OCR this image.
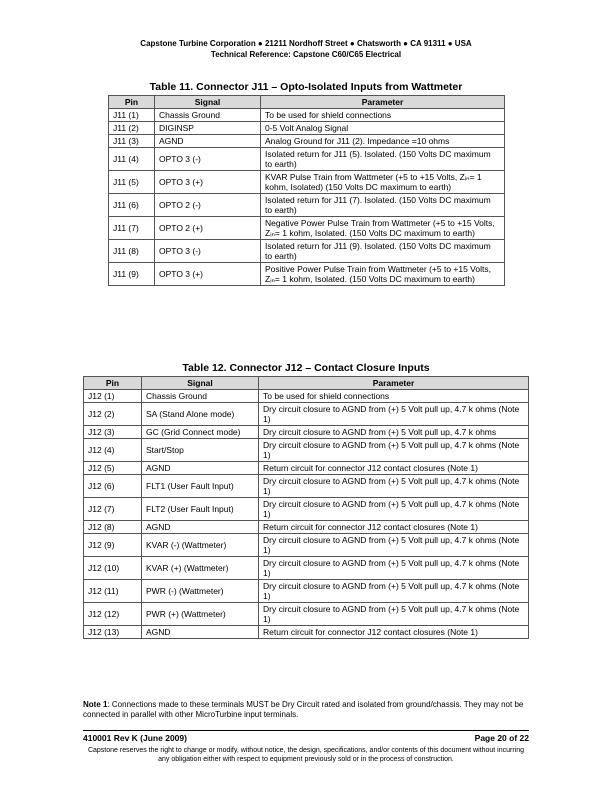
Capstone Turbine Corporation ● 21211 Nordhoff Street ● Chatsworth ● CA 91311 ● USA
Technical Reference: Capstone C60/C65 Electrical
Table 11. Connector J11 – Opto-Isolated Inputs from Wattmeter
Pin	Signal	Parameter
J11 (1)	Chassis Ground	To be used for shield connections
J11 (2)	DIGINSP	0-5 Volt Analog Signal
J11 (3)	AGND	Analog Ground for J11 (2). Impedance =10 ohms
J11 (4)	OPTO 3 (-)	Isolated return for J11 (5). Isolated. (150 Volts DC maximum to earth)
J11 (5)	OPTO 3 (+)	KVAR Pulse Train from Wattmeter (+5 to +15 Volts, Zᵢₙ= 1 kohm, Isolated) (150 Volts DC maximum to earth)
J11 (6)	OPTO 2 (-)	Isolated return for J11 (7). Isolated. (150 Volts DC maximum to earth)
J11 (7)	OPTO 2 (+)	Negative Power Pulse Train from Wattmeter (+5 to +15 Volts, Zᵢₙ= 1 kohm, Isolated. (150 Volts DC maximum to earth)
J11 (8)	OPTO 3 (-)	Isolated return for J11 (9). Isolated. (150 Volts DC maximum to earth)
J11 (9)	OPTO 3 (+)	Positive Power Pulse Train from Wattmeter (+5 to +15 Volts, Zᵢₙ= 1 kohm, Isolated. (150 Volts DC maximum to earth)
Table 12. Connector J12 – Contact Closure Inputs
Pin	Signal	Parameter
J12 (1)	Chassis Ground	To be used for shield connections
J12 (2)	SA (Stand Alone mode)	Dry circuit closure to AGND from (+) 5 Volt pull up, 4.7 k ohms (Note 1)
J12 (3)	GC (Grid Connect mode)	Dry circuit closure to AGND from (+) 5 Volt pull up, 4.7 k ohms
J12 (4)	Start/Stop	Dry circuit closure to AGND from (+) 5 Volt pull up, 4.7 k ohms (Note 1)
J12 (5)	AGND	Return circuit for connector J12 contact closures (Note 1)
J12 (6)	FLT1 (User Fault Input)	Dry circuit closure to AGND from (+) 5 Volt pull up, 4.7 k ohms (Note 1)
J12 (7)	FLT2 (User Fault Input)	Dry circuit closure to AGND from (+) 5 Volt pull up, 4.7 k ohms (Note 1)
J12 (8)	AGND	Return circuit for connector J12 contact closures (Note 1)
J12 (9)	KVAR (-) (Wattmeter)	Dry circuit closure to AGND from (+) 5 Volt pull up, 4.7 k ohms (Note 1)
J12 (10)	KVAR (+) (Wattmeter)	Dry circuit closure to AGND from (+) 5 Volt pull up, 4.7 k ohms (Note 1)
J12 (11)	PWR (-) (Wattmeter)	Dry circuit closure to AGND from (+) 5 Volt pull up, 4.7 k ohms (Note 1)
J12 (12)	PWR (+) (Wattmeter)	Dry circuit closure to AGND from (+) 5 Volt pull up, 4.7 k ohms (Note 1)
J12 (13)	AGND	Return circuit for connector J12 contact closures (Note 1)
Note 1: Connections made to these terminals MUST be Dry Circuit rated and isolated from ground/chassis. They may not be connected in parallel with other MicroTurbine input terminals.
410001 Rev K (June 2009)	Page 20 of 22
Capstone reserves the right to change or modify, without notice, the design, specifications, and/or contents of this document without incurring any obligation either with respect to equipment previously sold or in the process of construction.
